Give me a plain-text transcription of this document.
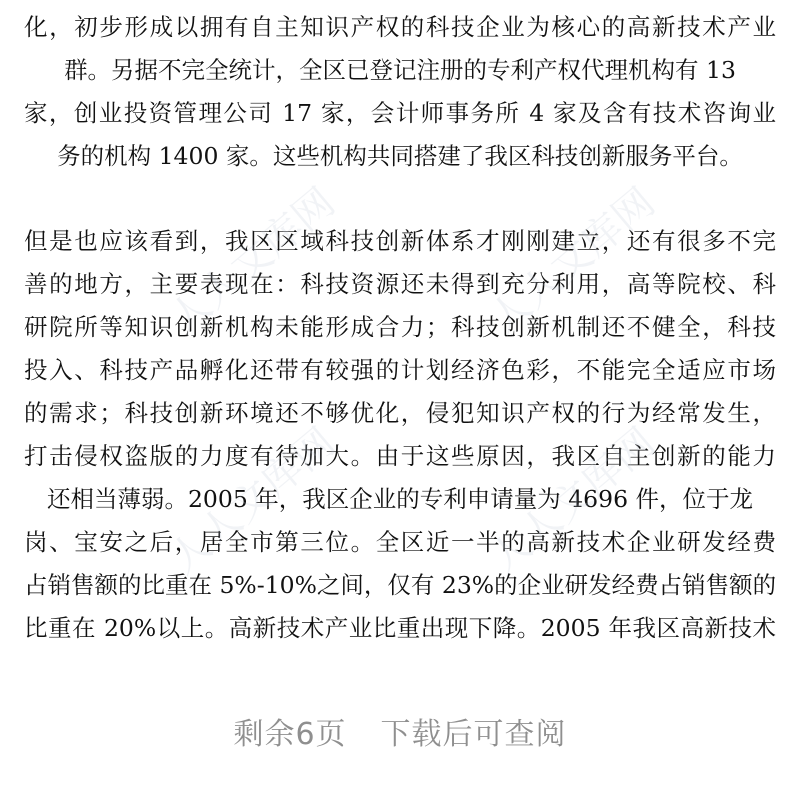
化，初步形成以拥有自主知识产权的科技企业为核心的高新技术产业
群。另据不完全统计，全区已登记注册的专利产权代理机构有 13
家，创业投资管理公司 17 家，会计师事务所 4 家及含有技术咨询业
务的机构 1400 家。这些机构共同搭建了我区科技创新服务平台。
但是也应该看到，我区区域科技创新体系才刚刚建立，还有很多不完
善的地方，主要表现在：科技资源还未得到充分利用，高等院校、科
研院所等知识创新机构未能形成合力；科技创新机制还不健全，科技
投入、科技产品孵化还带有较强的计划经济色彩，不能完全适应市场
的需求；科技创新环境还不够优化，侵犯知识产权的行为经常发生，
打击侵权盗版的力度有待加大。由于这些原因，我区自主创新的能力
还相当薄弱。2005 年，我区企业的专利申请量为 4696 件，位于龙
岗、宝安之后，居全市第三位。全区近一半的高新技术企业研发经费
占销售额的比重在 5%-10%之间，仅有 23%的企业研发经费占销售额的
比重在 20%以上。高新技术产业比重出现下降。2005 年我区高新技术
人人文库网	人人文库网
人人文库网	人人文库网
剩余6页 下载后可查阅
